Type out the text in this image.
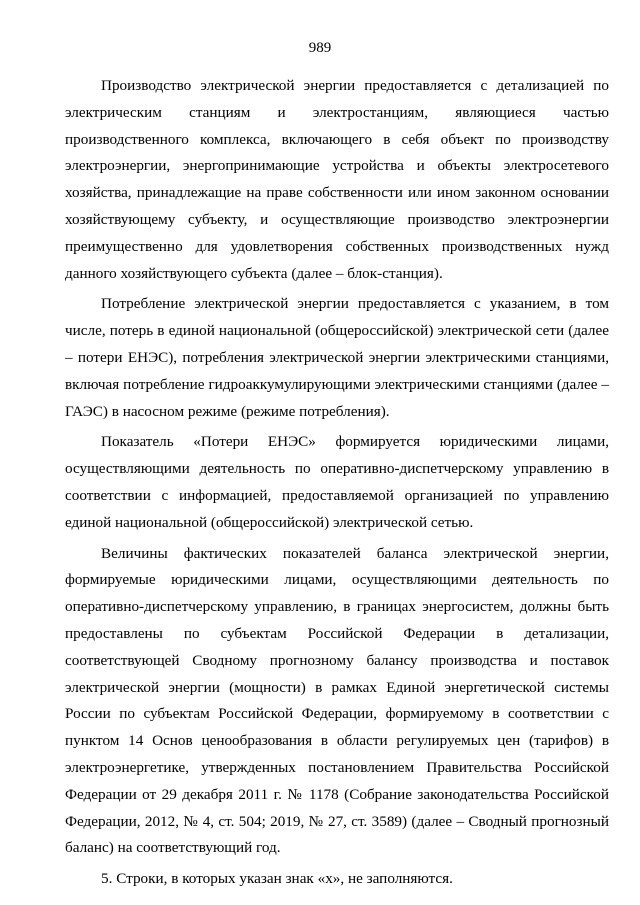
989

Производство электрической энергии предоставляется с детализацией по электрическим станциям и электростанциям, являющиеся частью производственного комплекса, включающего в себя объект по производству электроэнергии, энергопринимающие устройства и объекты электросетевого хозяйства, принадлежащие на праве собственности или ином законном основании хозяйствующему субъекту, и осуществляющие производство электроэнергии преимущественно для удовлетворения собственных производственных нужд данного хозяйствующего субъекта (далее – блок-станция).

Потребление электрической энергии предоставляется с указанием, в том числе, потерь в единой национальной (общероссийской) электрической сети (далее – потери ЕНЭС), потребления электрической энергии электрическими станциями, включая потребление гидроаккумулирующими электрическими станциями (далее – ГАЭС) в насосном режиме (режиме потребления).

Показатель «Потери ЕНЭС» формируется юридическими лицами, осуществляющими деятельность по оперативно-диспетчерскому управлению в соответствии с информацией, предоставляемой организацией по управлению единой национальной (общероссийской) электрической сетью.

Величины фактических показателей баланса электрической энергии, формируемые юридическими лицами, осуществляющими деятельность по оперативно-диспетчерскому управлению, в границах энергосистем, должны быть предоставлены по субъектам Российской Федерации в детализации, соответствующей Сводному прогнозному балансу производства и поставок электрической энергии (мощности) в рамках Единой энергетической системы России по субъектам Российской Федерации, формируемому в соответствии с пунктом 14 Основ ценообразования в области регулируемых цен (тарифов) в электроэнергетике, утвержденных постановлением Правительства Российской Федерации от 29 декабря 2011 г. № 1178 (Собрание законодательства Российской Федерации, 2012, № 4, ст. 504; 2019, № 27, ст. 3589) (далее – Сводный прогнозный баланс) на соответствующий год.

5. Строки, в которых указан знак «х», не заполняются.
